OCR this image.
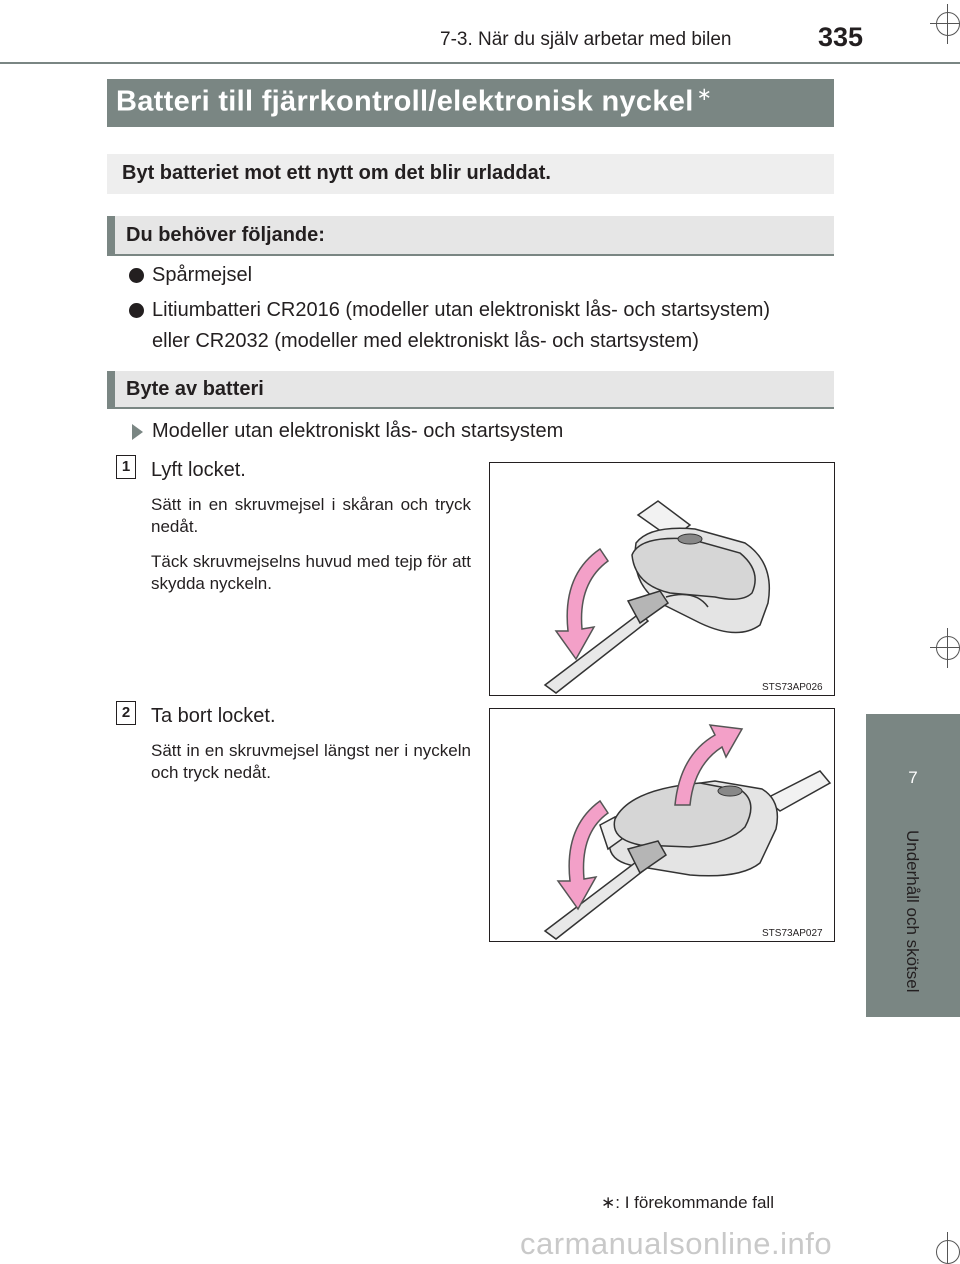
7-3. När du själv arbetar med bilen	335
Batteri till fjärrkontroll/elektronisk nyckel ∗
Byt batteriet mot ett nytt om det blir urladdat.
Du behöver följande:
Spårmejsel
Litiumbatteri CR2016 (modeller utan elektroniskt lås- och startsystem)
eller CR2032 (modeller med elektroniskt lås- och startsystem)
Byte av batteri
Modeller utan elektroniskt lås- och startsystem
1 Lyft locket.
Sätt in en skruvmejsel i skåran och tryck nedåt.
Täck skruvmejselns huvud med tejp för att skydda nyckeln.
STS73AP026
2 Ta bort locket.
Sätt in en skruvmejsel längst ner i nyckeln och tryck nedåt.
STS73AP027
7
Underhåll och skötsel
∗: I förekommande fall
carmanualsonline.info
